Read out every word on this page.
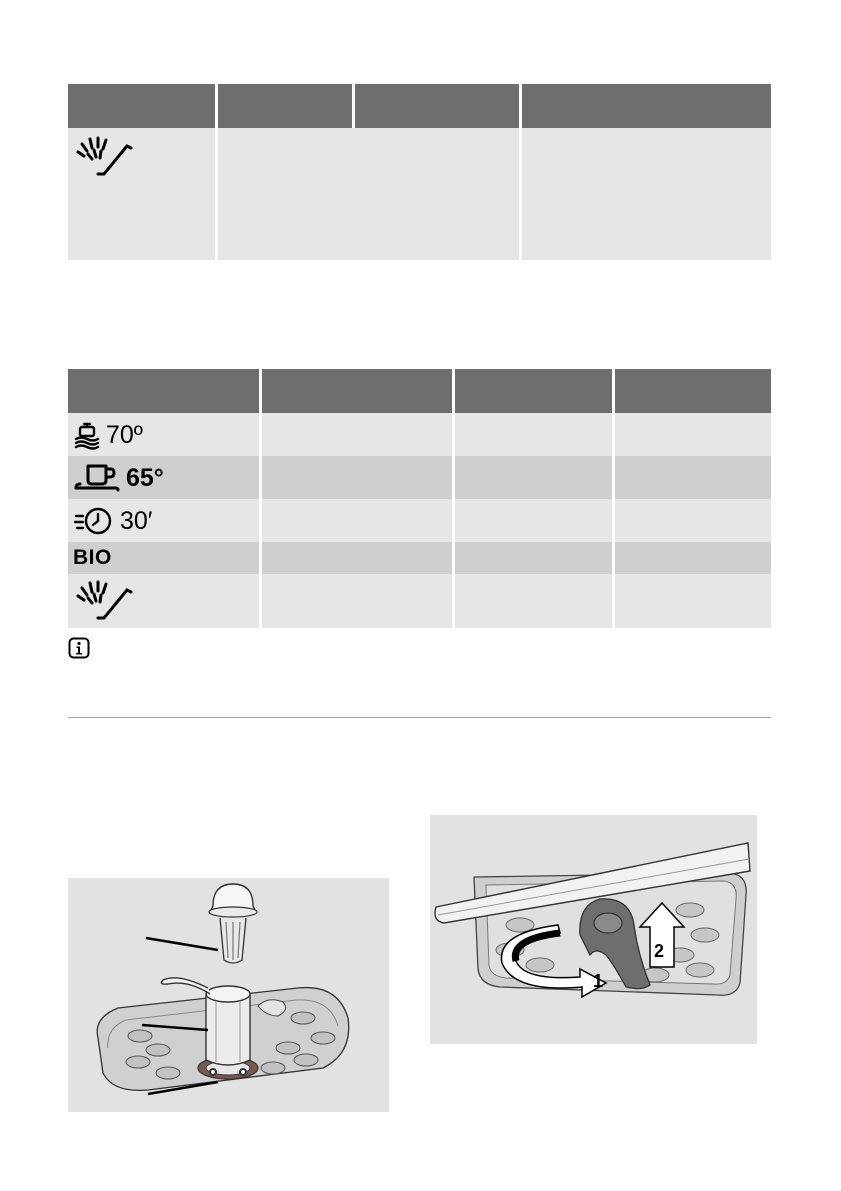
70º
65°
30′
BIO
1
2
